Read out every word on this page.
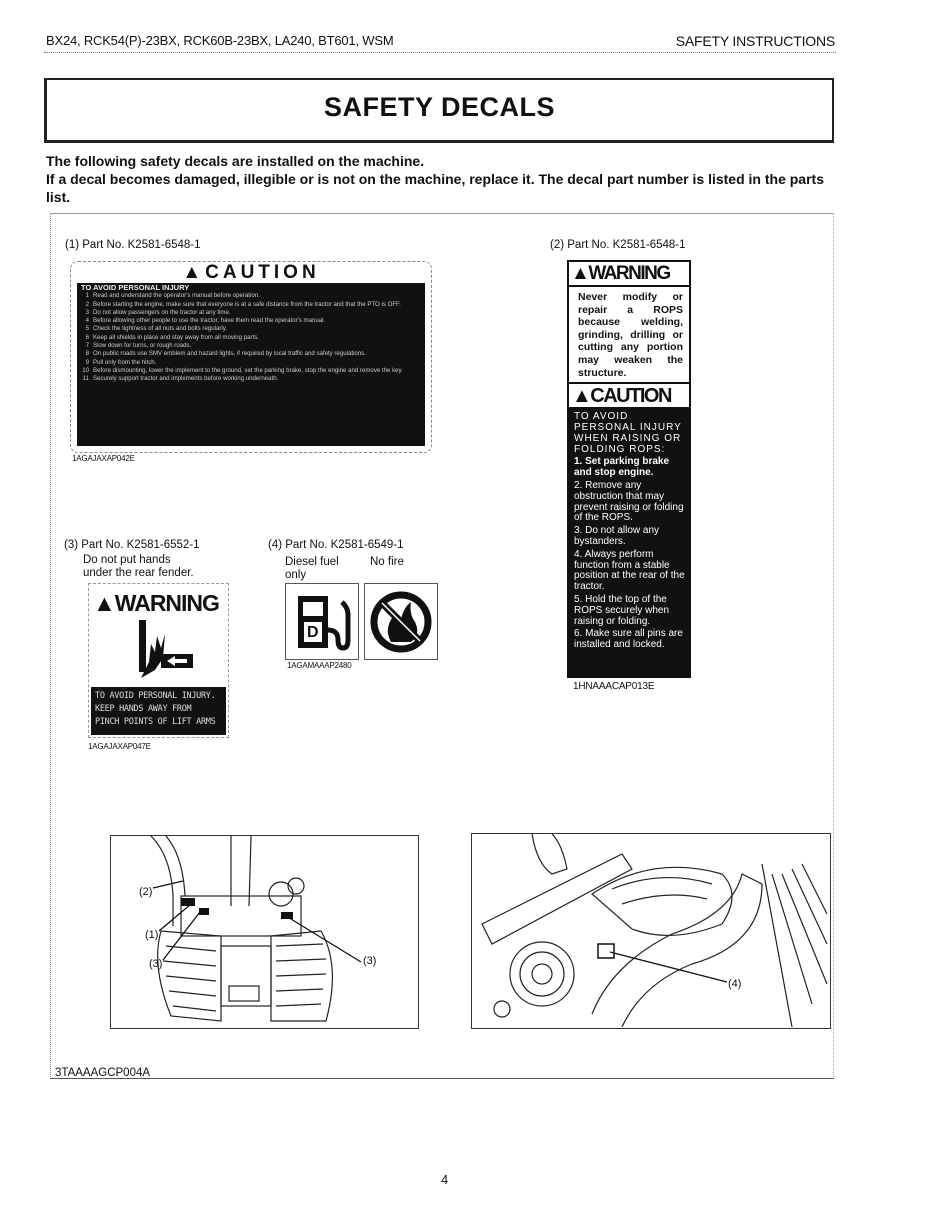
BX24, RCK54(P)-23BX, RCK60B-23BX, LA240, BT601, WSM	SAFETY INSTRUCTIONS
SAFETY DECALS
The following safety decals are installed on the machine.
If a decal becomes damaged, illegible or is not on the machine, replace it. The decal part number is listed in the parts list.
(1) Part No. K2581-6548-1
▲CAUTION
TO AVOID PERSONAL INJURY
1 Read and understand the operator's manual before operation.
2 Before starting the engine, make sure that everyone is at a safe distance from the tractor and that the PTO is OFF.
3 Do not allow passengers on the tractor at any time.
4 Before allowing other people to use the tractor, have them read the operator's manual.
5 Check the tightness of all nuts and bolts regularly.
6 Keep all shields in place and stay away from all moving parts.
7 Slow down for turns, or rough roads.
8 On public roads use SMV emblem and hazard lights, if required by local traffic and safety regulations.
9 Pull only from the hitch.
10 Before dismounting, lower the implement to the ground, set the parking brake, stop the engine and remove the key.
11 Securely support tractor and implements before working underneath.
1AGAJAXAP042E
(2) Part No. K2581-6548-1
▲WARNING
Never modify or repair a ROPS because welding, grinding, drilling or cutting any portion may weaken the structure.
▲CAUTION
TO AVOID PERSONAL INJURY WHEN RAISING OR FOLDING ROPS:
1. Set parking brake and stop engine.
2. Remove any obstruction that may prevent raising or folding of the ROPS.
3. Do not allow any bystanders.
4. Always perform function from a stable position at the rear of the tractor.
5. Hold the top of the ROPS securely when raising or folding.
6. Make sure all pins are installed and locked.
1HNAAACAP013E
(3) Part No. K2581-6552-1
Do not put hands
under the rear fender.
▲WARNING
TO AVOID PERSONAL INJURY.
KEEP HANDS AWAY FROM
PINCH POINTS OF LIFT ARMS
1AGAJAXAP047E
(4) Part No. K2581-6549-1
Diesel fuel
only
No fire
D
1AGAMAAAP2480
(2)
(1)
(3)	(3)
(4)
3TAAAAGCP004A
4
